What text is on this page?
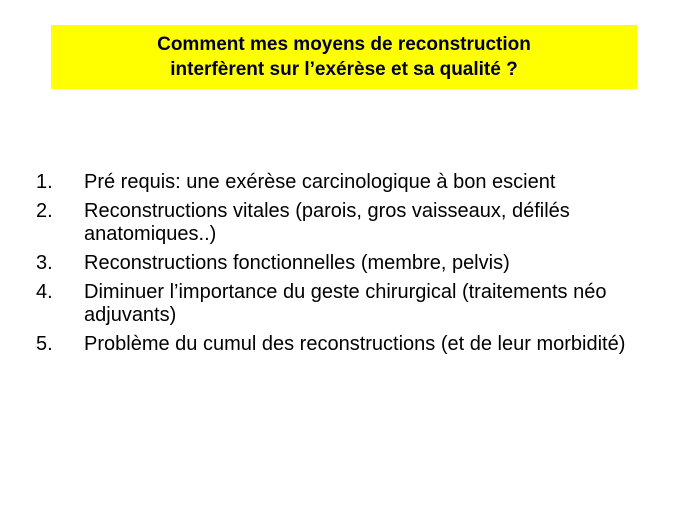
Comment mes moyens de reconstruction
interfèrent sur l’exérèse et sa qualité ?
1.	Pré requis: une exérèse carcinologique à bon escient
2.	Reconstructions vitales (parois, gros vaisseaux, défilés anatomiques..)
3.	Reconstructions fonctionnelles (membre, pelvis)
4.	Diminuer l’importance du geste chirurgical (traitements néo adjuvants)
5.	Problème du cumul des reconstructions (et de leur morbidité)
